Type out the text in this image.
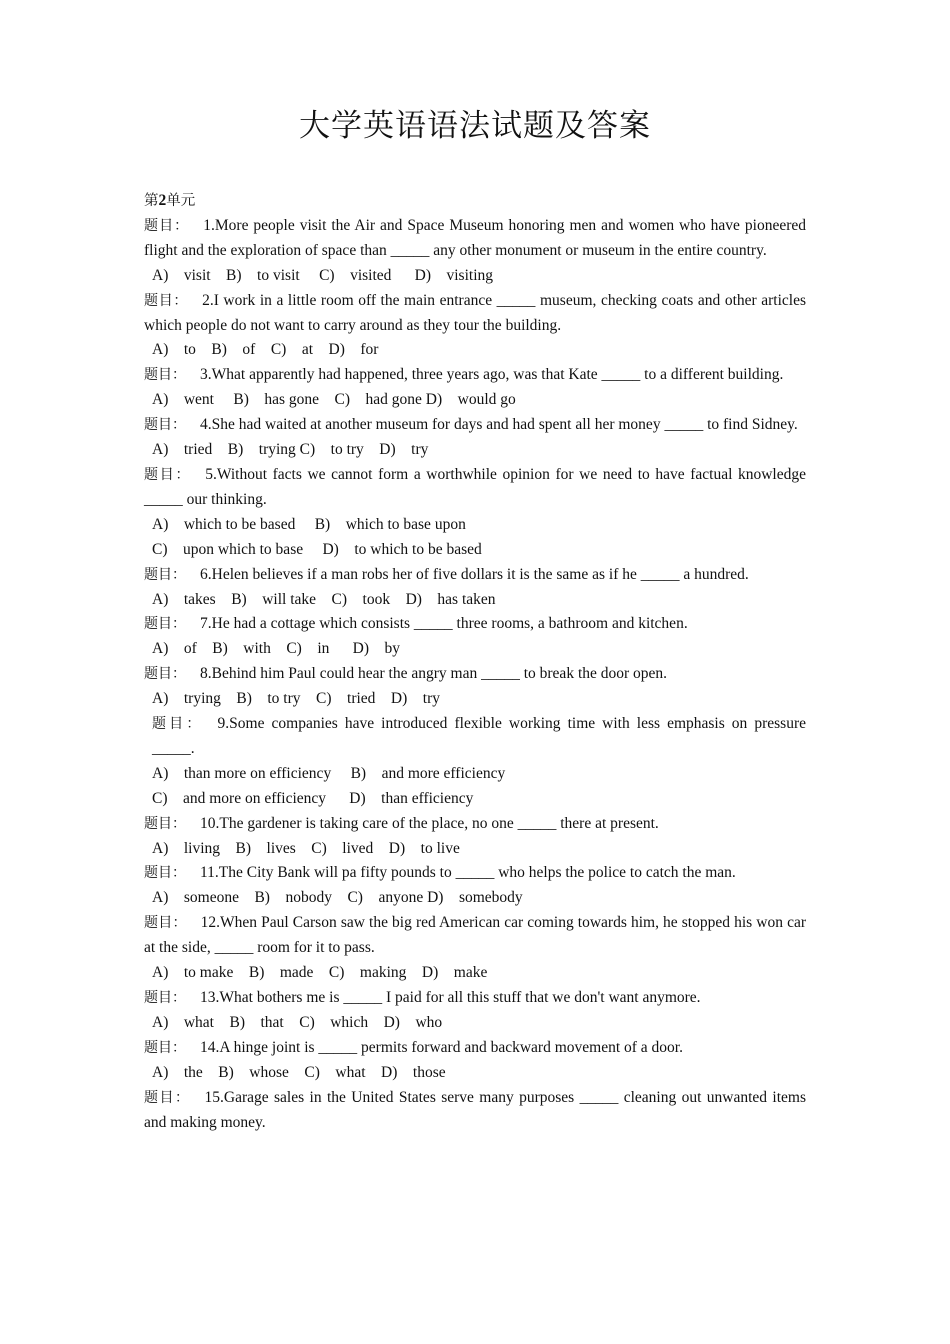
大学英语语法试题及答案
第2单元
题目： 1.More people visit the Air and Space Museum honoring men and women who have pioneered flight and the exploration of space than _____ any other monument or museum in the entire country.
A)    visit    B)    to visit     C)    visited      D)    visiting
题目： 2.I work in a little room off the main entrance _____ museum, checking coats and other articles which people do not want to carry around as they tour the building.
A)    to    B)    of    C)    at    D)    for
题目： 3.What apparently had happened, three years ago, was that Kate _____ to a different building.
A)    went     B)    has gone    C)    had gone D)    would go
题目： 4.She had waited at another museum for days and had spent all her money _____ to find Sidney.
A)    tried    B)    trying C)    to try    D)    try
题目： 5.Without facts we cannot form a worthwhile opinion for we need to have factual knowledge _____ our thinking.
A)    which to be based     B)    which to base upon
C)    upon which to base     D)    to which to be based
题目： 6.Helen believes if a man robs her of five dollars it is the same as if he _____ a hundred.
A)    takes    B)    will take    C)    took    D)    has taken
题目： 7.He had a cottage which consists _____ three rooms, a bathroom and kitchen.
A)    of    B)    with    C)    in      D)    by
题目： 8.Behind him Paul could hear the angry man _____ to break the door open.
A)    trying    B)    to try    C)    tried    D)    try
题目： 9.Some companies have introduced flexible working time with less emphasis on pressure _____.
A)    than more on efficiency     B)    and more efficiency
C)    and more on efficiency      D)    than efficiency
题目： 10.The gardener is taking care of the place, no one _____ there at present.
A)    living    B)    lives    C)    lived    D)    to live
题目： 11.The City Bank will pa fifty pounds to _____ who helps the police to catch the man.
A)    someone    B)    nobody    C)    anyone D)    somebody
题目： 12.When Paul Carson saw the big red American car coming towards him, he stopped his won car at the side, _____ room for it to pass.
A)    to make    B)    made    C)    making    D)    make
题目： 13.What bothers me is _____ I paid for all this stuff that we don't want anymore.
A)    what    B)    that    C)    which    D)    who
题目： 14.A hinge joint is _____ permits forward and backward movement of a door.
A)    the    B)    whose    C)    what    D)    those
题目： 15.Garage sales in the United States serve many purposes _____ cleaning out unwanted items and making money.
